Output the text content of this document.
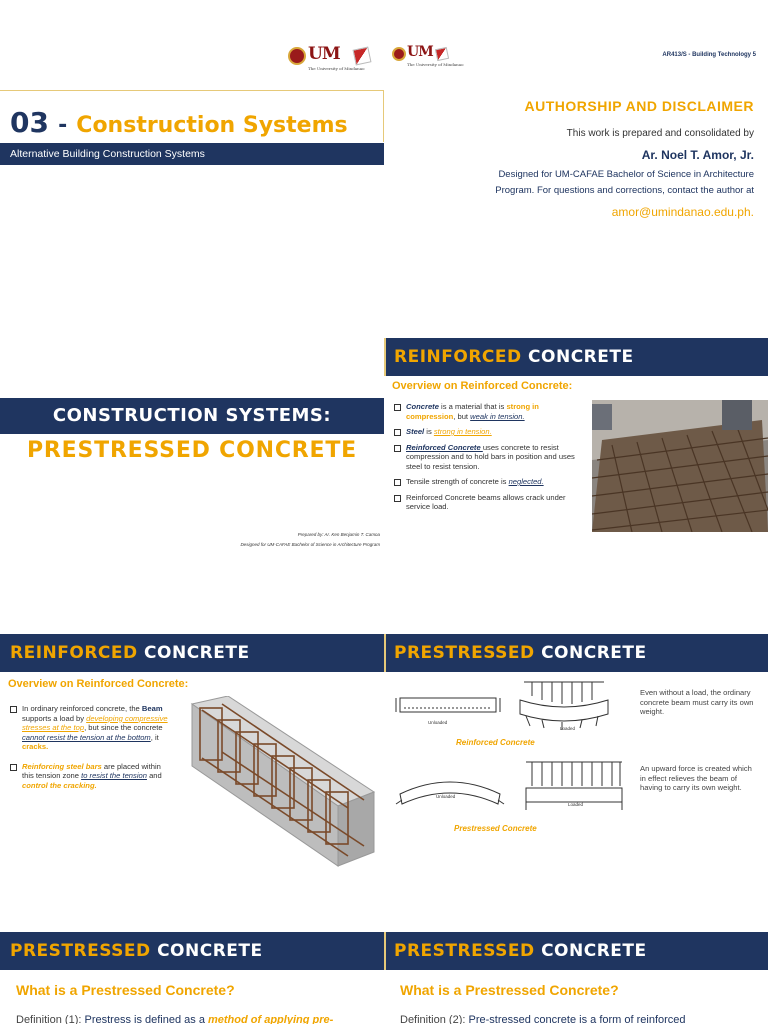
UM
The University of Mindanao
UM
The University of Mindanao
AR413/S - Building Technology 5
03 - Construction Systems
Alternative Building Construction Systems
AUTHORSHIP AND DISCLAIMER
This work is prepared and consolidated by
Ar. Noel T. Amor, Jr.
Designed for UM-CAFAE Bachelor of Science in Architecture
Program. For questions and corrections, contact the author at
amor@umindanao.edu.ph.
CONSTRUCTION SYSTEMS:
PRESTRESSED CONCRETE
Prepared by: Ar. Ken Benjamin T. Camoa
Designed for UM-CAFAE Bachelor of Science in Architecture Program
REINFORCED CONCRETE
Overview on Reinforced Concrete:
Concrete is a material that is strong in compression, but weak in tension.
Steel is strong in tension.
Reinforced Concrete uses concrete to resist compression and to hold bars in position and uses steel to resist tension.
Tensile strength of concrete is neglected.
Reinforced Concrete beams allows crack under service load.
REINFORCED CONCRETE
Overview on Reinforced Concrete:
In ordinary reinforced concrete, the Beam supports a load by developing compressive stresses at the top, but since the concrete cannot resist the tension at the bottom, it cracks.
Reinforcing steel bars are placed within this tension zone to resist the tension and control the cracking.
PRESTRESSED CONCRETE
Unloaded
Loaded
Reinforced Concrete
Even without a load, the ordinary concrete beam must carry its own weight.
Unloaded
Loaded
Prestressed Concrete
An upward force is created which in effect relieves the beam of having to carry its own weight.
PRESTRESSED CONCRETE
What is a Prestressed Concrete?
Definition (1): Prestress is defined as a method of applying pre-
PRESTRESSED CONCRETE
What is a Prestressed Concrete?
Definition (2): Pre-stressed concrete is a form of reinforced
